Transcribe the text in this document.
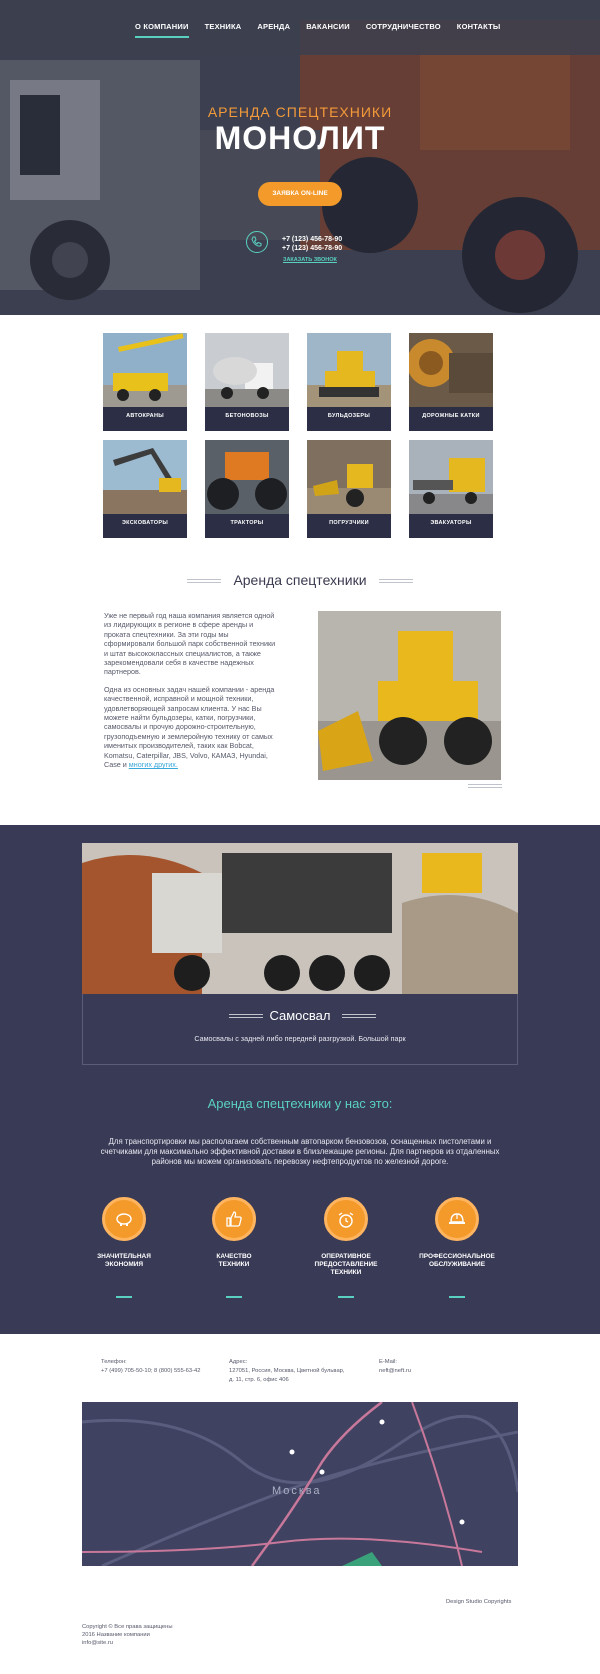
О КОМПАНИИ ТЕХНИКА АРЕНДА ВАКАНСИИ СОТРУДНИЧЕСТВО КОНТАКТЫ
АРЕНДА СПЕЦТЕХНИКИ
МОНОЛИТ
ЗАЯВКА ON-LINE
+7 (123) 456-78-90
+7 (123) 456-78-90
ЗАКАЗАТЬ ЗВОНОК
АВТОКРАНЫ	БЕТОНОВОЗЫ	БУЛЬДОЗЕРЫ	ДОРОЖНЫЕ КАТКИ
ЭКСКОВАТОРЫ	ТРАКТОРЫ	ПОГРУЗЧИКИ	ЭВАКУАТОРЫ
Аренда спецтехники

Уже не первый год наша компания является одной из лидирующих в регионе в сфере аренды и проката спецтехники. За эти годы мы сформировали большой парк собственной техники и штат высококлассных специалистов, а также зарекомендовали себя в качестве надежных партнеров.

Одна из основных задач нашей компании - аренда качественной, исправной и мощной техники, удовлетворяющей запросам клиента. У нас Вы можете найти бульдозеры, катки, погрузчики, самосвалы и прочую дорожно-строительную, грузоподъемную и землеройную технику от самых именитых производителей, таких как Bobcat, Komatsu, Caterpillar, JBS, Volvo, КАМАЗ, Hyundai, Case и многих других.

Самосвал
Самосвалы с задней либо передней разгрузкой. Большой парк
Аренда спецтехники у нас это:
Для транспортировки мы располагаем собственным автопарком бензовозов, оснащенных пистолетами и счетчиками для максимально эффективной доставки в близлежащие регионы. Для партнеров из отдаленных районов мы можем организовать перевозку нефтепродуктов по железной дороге.
ЗНАЧИТЕЛЬНАЯ
ЭКОНОМИЯ
КАЧЕСТВО
ТЕХНИКИ
ОПЕРАТИВНОЕ
ПРЕДОСТАВЛЕНИЕ
ТЕХНИКИ
ПРОФЕССИОНАЛЬНОЕ
ОБСЛУЖИВАНИЕ
Телефон:
+7 (499) 705-50-10; 8 (800) 555-63-42
Адрес:
127051, Россия, Москва, Цветной бульвар,
д. 11, стр. 6, офис 406
E-Mail:
neft@neft.ru
Москва
Design Studio Copyrights
Copyright © Все права защищены
2016 Название компании
info@site.ru
